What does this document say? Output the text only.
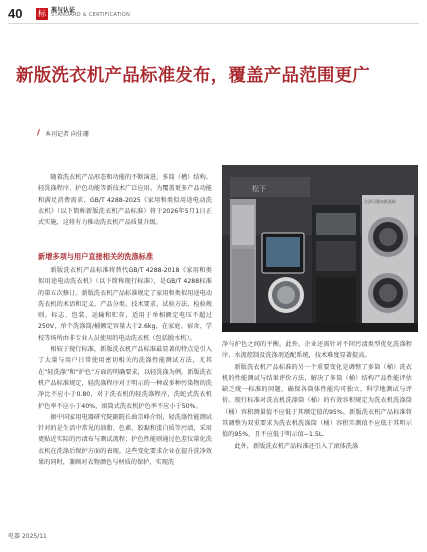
40 标 准与认证
STANDARD & CERTIFICATION
新版洗衣机产品标准发布，覆盖产品范围更广
/ 本刊记者 向佳珊

随着洗衣机产品形态和功能的不断演进，多筒（槽）结构、轻洗涤程序、护色功能等新技术广泛应用。为覆盖更多产品功能和满足消费需求，GB/T 4288-2025《家用和类似用途电动洗衣机》（以下简称新版洗衣机产品标准）将于2026年5月1日正式实施，这将有力推动洗衣机产品质量升级。

新增多项与用户直接相关的洗涤标准

新版洗衣机产品标准将替代GB/T 4288-2018《家用和类似用途电动洗衣机》（以下简称现行标准），是GB/T 4288标准的第五次修订。新版洗衣机产品标准规定了家用和类似用途电动洗衣机的术语和定义、产品分类、技术要求、试验方法、检验规则、标志、包装、运输和贮存，适用于单相额定电压不超过250V、单个洗涤筒/桶额定容量大于2.6kg，在家庭、宿舍、学校等场所由非专业人员使用的电动洗衣机（包括脱水机）。

相较于现行标准，新版洗衣机产品标准最显著的特点是引入了大量与用户日常使用密切相关的洗涤性能测试方法，尤其在“轻洗涤”和“护色”方面的明确要求，以轻洗涤为例，新版洗衣机产品标准规定，轻洗涤程序对于明示的一种或多种污染物的洗净比不应小于0.80，对于洗衣机的轻洗涤程序，洗蛇式洗衣机护色率不应小于40%，滚筒式洗衣机护色率不应小于50%。

据中国家用电器研究院副院长曲宗峰介绍，轻洗涤性能测试针对的是生活中常见的油脂、色素、胶黏和蛋白质等污渍，采用更贴近实际的污渍布与测试流程；护色性能则通过色差仪量化洗衣机在洗涤后保护方面的表现。这些变化要求企业在提升洗净效果的同时，兼顾对衣物颜色与材质的保护，实现洗

松下
合法可靠衣机及价

净与护色之间的平衡。此外，企业还需针对不同污渍类型优化洗涤程序、水流控制及洗涤剂适配系统，技术难度显著提高。

新版洗衣机产品标准的另一个重要变化是调整了多筒（桶）洗衣机的性能测试与结果评价方法，解决了多筒（桶）结构产品性能评估缺乏统一标准的问题，确保各筒体性能均可独立、科学地测试与评价。现行标准对洗衣机洗涤筒（桶）的有效容积规定为洗衣机洗涤筒（桶）容积测量值不应低于其额定值的95%，新版洗衣机产品标准将其调整为双重要求为洗衣机洗涤筒（桶）容积实测值不应低于其明示值的95%，且不应低于明示值−1.5L。

此外，新版洗衣机产品标准还引入了滚体洗涤

电器 2025/11
